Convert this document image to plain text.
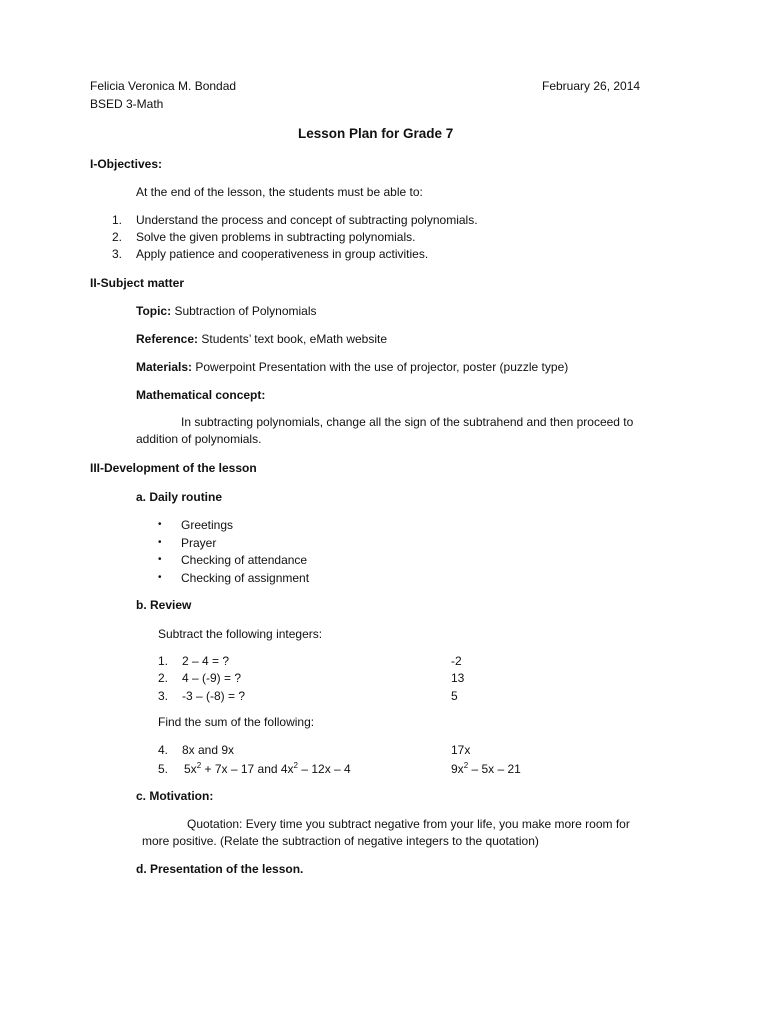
Felicia Veronica M. Bondad	February 26, 2014
BSED 3-Math
Lesson Plan for Grade 7
I-Objectives:
At the end of the lesson, the students must be able to:
1. Understand the process and concept of subtracting polynomials.
2. Solve the given problems in subtracting polynomials.
3. Apply patience and cooperativeness in group activities.
II-Subject matter
Topic: Subtraction of Polynomials
Reference: Students’ text book, eMath website
Materials: Powerpoint Presentation with the use of projector, poster (puzzle type)
Mathematical concept:
In subtracting polynomials, change all the sign of the subtrahend and then proceed to
addition of polynomials.
III-Development of the lesson
a. Daily routine
• Greetings
• Prayer
• Checking of attendance
• Checking of assignment
b. Review
Subtract the following integers:
1. 2 – 4 = ?	-2
2. 4 – (-9) = ?	13
3. -3 – (-8) = ?	5
Find the sum of the following:
4. 8x and 9x	17x
5. $5x^2 + 7x - 17$ and $4x^2 - 12x - 4$	$9x^2 - 5x - 21$
c. Motivation:
Quotation: Every time you subtract negative from your life, you make more room for
more positive. (Relate the subtraction of negative integers to the quotation)
d. Presentation of the lesson.
